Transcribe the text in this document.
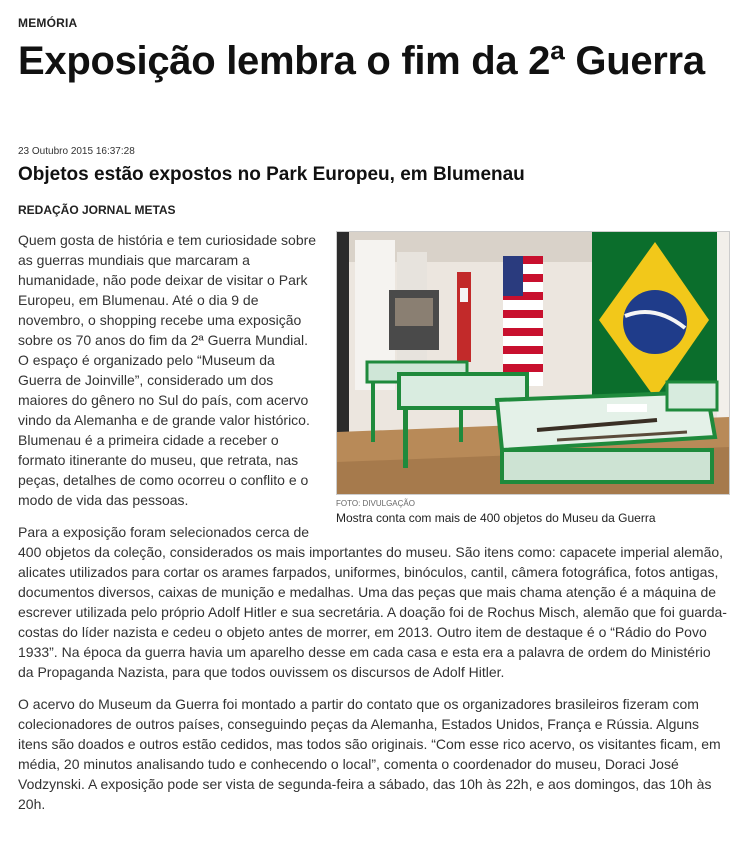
MEMÓRIA
Exposição lembra o fim da 2ª Guerra
23 Outubro 2015 16:37:28
Objetos estão expostos no Park Europeu, em Blumenau
REDAÇÃO JORNAL METAS
FOTO: DIVULGAÇÃO
Mostra conta com mais de 400 objetos do Museu da Guerra

Quem gosta de história e tem curiosidade sobre as guerras mundiais que marcaram a humanidade, não pode deixar de visitar o Park Europeu, em Blumenau. Até o dia 9 de novembro, o shopping recebe uma exposição sobre os 70 anos do fim da 2ª Guerra Mundial. O espaço é organizado pelo “Museum da Guerra de Joinville”, considerado um dos maiores do gênero no Sul do país, com acervo vindo da Alemanha e de grande valor histórico. Blumenau é a primeira cidade a receber o formato itinerante do museu, que retrata, nas peças, detalhes de como ocorreu o conflito e o modo de vida das pessoas.

Para a exposição foram selecionados cerca de 400 objetos da coleção, considerados os mais importantes do museu. São itens como: capacete imperial alemão, alicates utilizados para cortar os arames farpados, uniformes, binóculos, cantil, câmera fotográfica, fotos antigas, documentos diversos, caixas de munição e medalhas. Uma das peças que mais chama atenção é a máquina de escrever utilizada pelo próprio Adolf Hitler e sua secretária. A doação foi de Rochus Misch, alemão que foi guarda-costas do líder nazista e cedeu o objeto antes de morrer, em 2013. Outro item de destaque é o “Rádio do Povo 1933”. Na época da guerra havia um aparelho desse em cada casa e esta era a palavra de ordem do Ministério da Propaganda Nazista, para que todos ouvissem os discursos de Adolf Hitler.

O acervo do Museum da Guerra foi montado a partir do contato que os organizadores brasileiros fizeram com colecionadores de outros países, conseguindo peças da Alemanha, Estados Unidos, França e Rússia. Alguns itens são doados e outros estão cedidos, mas todos são originais. “Com esse rico acervo, os visitantes ficam, em média, 20 minutos analisando tudo e conhecendo o local”, comenta o coordenador do museu, Doraci José Vodzynski. A exposição pode ser vista de segunda-feira a sábado, das 10h às 22h, e aos domingos, das 10h às 20h.
